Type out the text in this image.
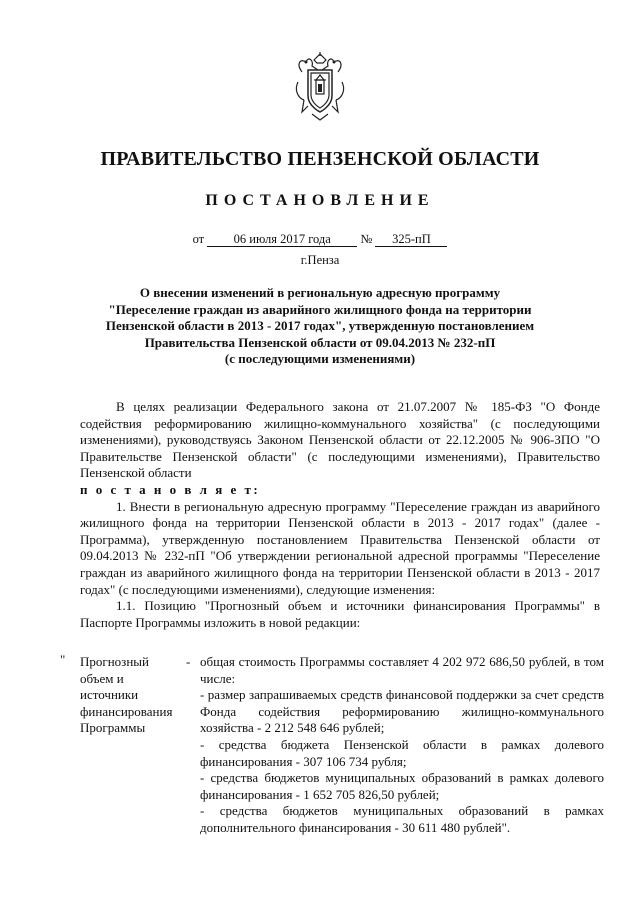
ПРАВИТЕЛЬСТВО ПЕНЗЕНСКОЙ ОБЛАСТИ
ПОСТАНОВЛЕНИЕ
от 06 июля 2017 года № 325-пП
г.Пенза
О внесении изменений в региональную адресную программу
"Переселение граждан из аварийного жилищного фонда на территории
Пензенской области в 2013 - 2017 годах", утвержденную постановлением
Правительства Пензенской области от 09.04.2013 № 232-пП
(с последующими изменениями)

В целях реализации Федерального закона от 21.07.2007 № 185-ФЗ "О Фонде содействия реформированию жилищно-коммунального хозяйства" (с последующими изменениями), руководствуясь Законом Пензенской области от 22.12.2005 № 906-ЗПО "О Правительстве Пензенской области" (с последующими изменениями), Правительство Пензенской области

п о с т а н о в л я е т:

1. Внести в региональную адресную программу "Переселение граждан из аварийного жилищного фонда на территории Пензенской области в 2013 - 2017 годах" (далее - Программа), утвержденную постановлением Правительства Пензенской области от 09.04.2013 № 232-пП "Об утверждении региональной адресной программы "Переселение граждан из аварийного жилищного фонда на территории Пензенской области в 2013 - 2017 годах" (с последующими изменениями), следующие изменения:

1.1. Позицию "Прогнозный объем и источники финансирования Программы" в Паспорте Программы изложить в новой редакции:

" Прогнозный объем и источники финансирования Программы
- общая стоимость Программы составляет 4 202 972 686,50 рублей, в том числе:
- размер запрашиваемых средств финансовой поддержки за счет средств Фонда содействия реформированию жилищно-коммунального хозяйства - 2 212 548 646 рублей;
- средства бюджета Пензенской области в рамках долевого финансирования - 307 106 734 рубля;
- средства бюджетов муниципальных образований в рамках долевого финансирования - 1 652 705 826,50 рублей;
- средства бюджетов муниципальных образований в рамках дополнительного финансирования - 30 611 480 рублей".
